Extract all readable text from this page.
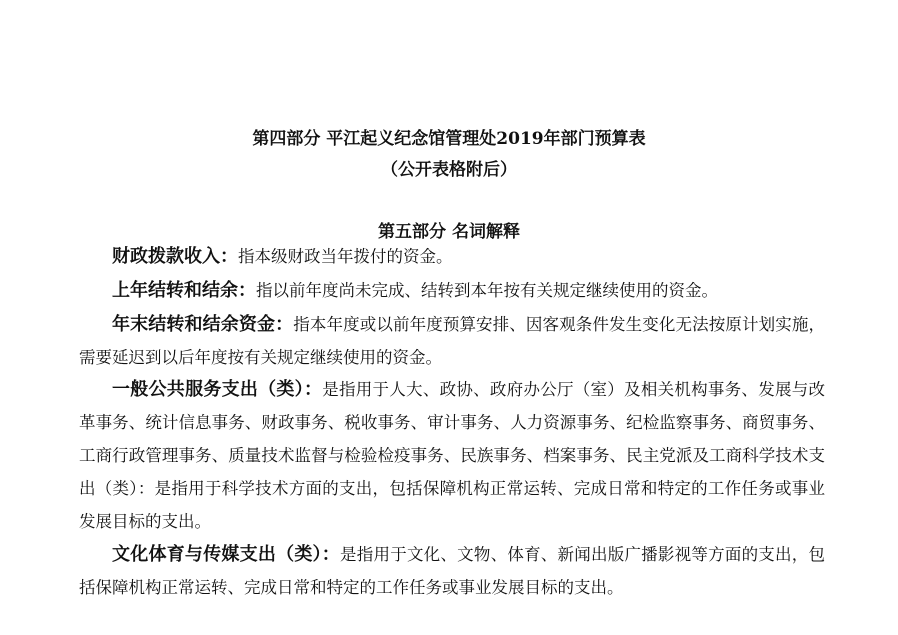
第四部分 平江起义纪念馆管理处2019年部门预算表
（公开表格附后）
第五部分 名词解释
财政拨款收入：指本级财政当年拨付的资金。
上年结转和结余：指以前年度尚未完成、结转到本年按有关规定继续使用的资金。
年末结转和结余资金：指本年度或以前年度预算安排、因客观条件发生变化无法按原计划实施，需要延迟到以后年度按有关规定继续使用的资金。
一般公共服务支出（类）：是指用于人大、政协、政府办公厅（室）及相关机构事务、发展与改革事务、统计信息事务、财政事务、税收事务、审计事务、人力资源事务、纪检监察事务、商贸事务、工商行政管理事务、质量技术监督与检验检疫事务、民族事务、档案事务、民主党派及工商科学技术支出（类）：是指用于科学技术方面的支出，包括保障机构正常运转、完成日常和特定的工作任务或事业发展目标的支出。
文化体育与传媒支出（类）：是指用于文化、文物、体育、新闻出版广播影视等方面的支出，包括保障机构正常运转、完成日常和特定的工作任务或事业发展目标的支出。
